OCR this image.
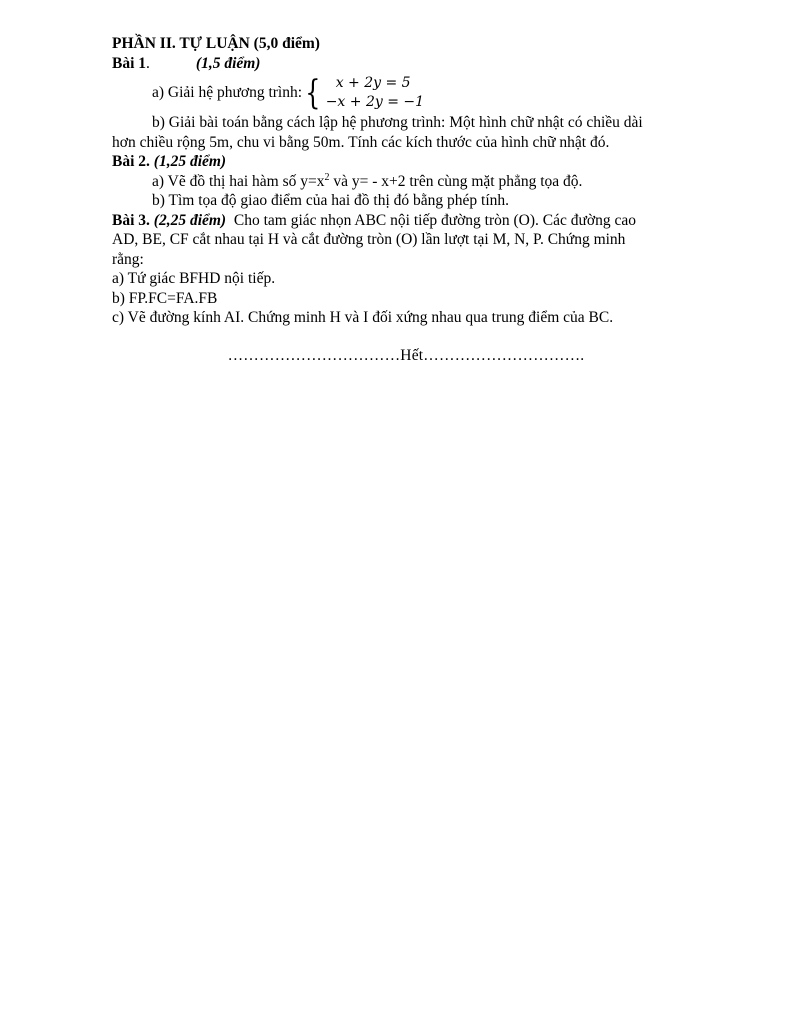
PHẦN II. TỰ LUẬN (5,0 điểm)
Bài 1.	(1,5 điểm)
a) Giải hệ phương trình: {	x + 2y = 5
−x + 2y = −1
b) Giải bài toán bằng cách lập hệ phương trình: Một hình chữ nhật có chiều dài
hơn chiều rộng 5m, chu vi bằng 50m. Tính các kích thước của hình chữ nhật đó.
Bài 2. (1,25 điểm)
a) Vẽ đồ thị hai hàm số $y=x^2$ và y= - x+2 trên cùng mặt phẳng tọa độ.
b) Tìm tọa độ giao điểm của hai đồ thị đó bằng phép tính.
Bài 3. (2,25 điểm) Cho tam giác nhọn ABC nội tiếp đường tròn (O). Các đường cao
AD, BE, CF cắt nhau tại H và cắt đường tròn (O) lần lượt tại M, N, P. Chứng minh
rằng:
a) Tứ giác BFHD nội tiếp.
b) FP.FC=FA.FB
c) Vẽ đường kính AI. Chứng minh H và I đối xứng nhau qua trung điểm của BC.
……………………………Hết………………………….
